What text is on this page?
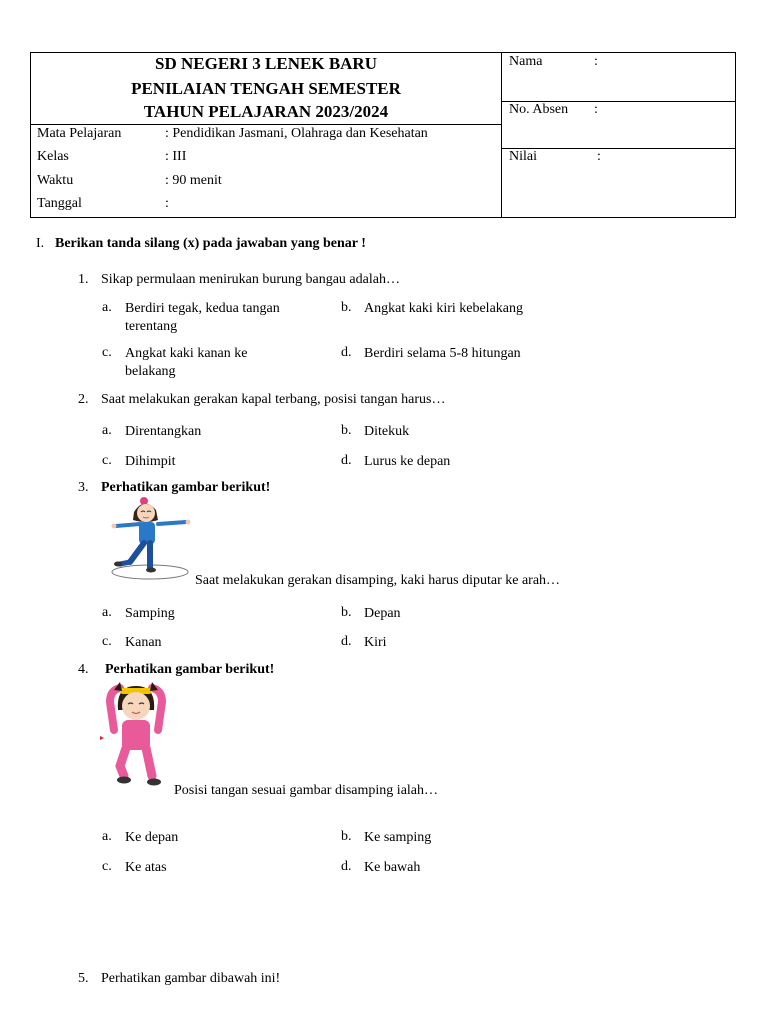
SD NEGERI 3 LENEK BARU
PENILAIAN TENGAH SEMESTER
TAHUN PELAJARAN 2023/2024
Mata Pelajaran	: Pendidikan Jasmani, Olahraga dan Kesehatan
Kelas	: III
Waktu	: 90 menit
Tanggal	:
Nama	:
No. Absen :
Nilai	:
I. Berikan tanda silang (x) pada jawaban yang benar !
1. Sikap permulaan menirukan burung bangau adalah…
a. Berdiri tegak, kedua tangan terentang
b. Angkat kaki kiri kebelakang
c. Angkat kaki kanan ke belakang
d. Berdiri selama 5-8 hitungan
2. Saat melakukan gerakan kapal terbang, posisi tangan harus…
a. Direntangkan	b. Ditekuk
c. Dihimpit	d. Lurus ke depan
3. Perhatikan gambar berikut!
Saat melakukan gerakan disamping, kaki harus diputar ke arah…
a. Samping	b. Depan
c. Kanan	d. Kiri
4. Perhatikan gambar berikut!
Posisi tangan sesuai gambar disamping ialah…
a. Ke depan	b. Ke samping
c. Ke atas	d. Ke bawah
5. Perhatikan gambar dibawah ini!
